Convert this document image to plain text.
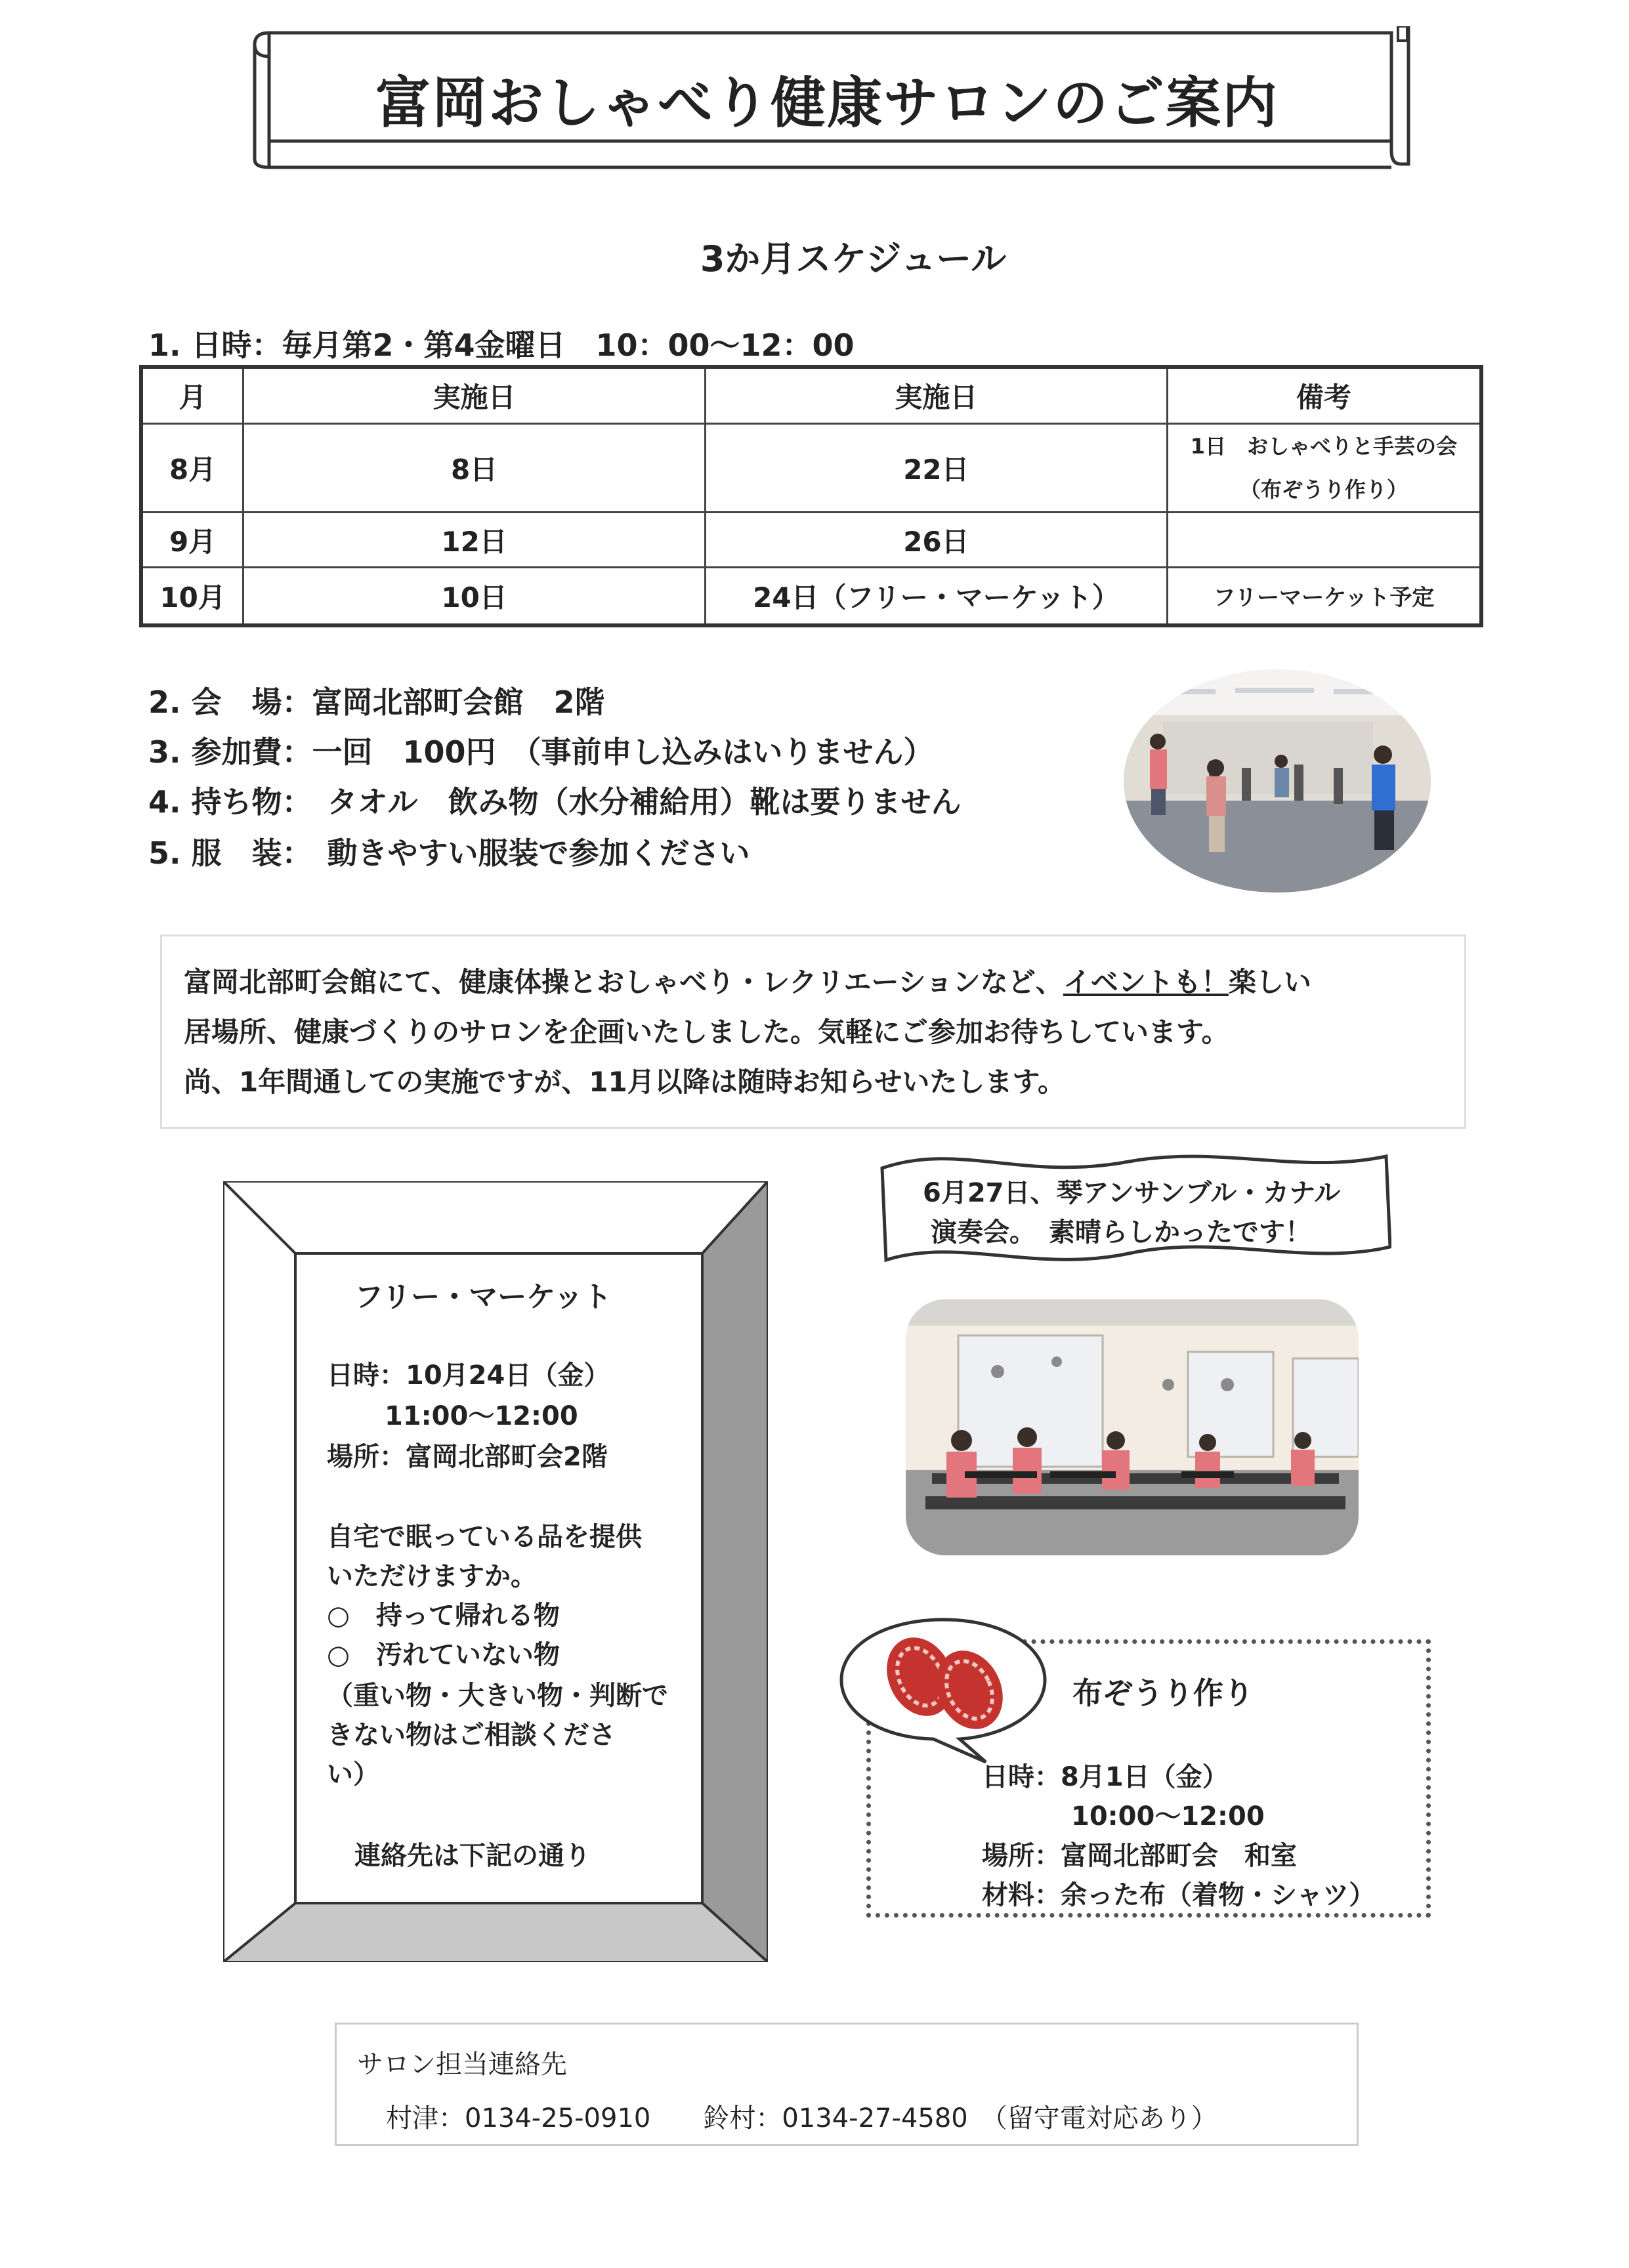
富岡おしゃべり健康サロンのご案内
3か月スケジュール
1. 日時：毎月第2・第4金曜日　10：00～12：00
月	実施日	実施日	備考
8月	8日	22日	1日　おしゃべりと手芸の会
（布ぞうり作り）

9月	12日	26日	
10月	10日	24日（フリー・マーケット）	フリーマーケット予定
2. 会　場：富岡北部町会館　2階
3. 参加費：一回　100円　（事前申し込みはいりません）
4. 持ち物：　タオル　飲み物（水分補給用）靴は要りません
5. 服　装：　動きやすい服装で参加ください
富岡北部町会館にて、健康体操とおしゃべり・レクリエーションなど、イベントも！楽しい
居場所、健康づくりのサロンを企画いたしました。気軽にご参加お待ちしています。
尚、1年間通しての実施ですが、11月以降は随時お知らせいたします。
フリー・マーケット
日時：10月24日（金）
11:00～12:00
場所：富岡北部町会2階
自宅で眠っている品を提供
いただけますか。
○　持って帰れる物
○　汚れていない物
（重い物・大きい物・判断で
きない物はご相談くださ
い）
連絡先は下記の通り
6月27日、琴アンサンブル・カナル
演奏会。　素晴らしかったです！
布ぞうり作り
日時：8月1日（金）
10:00～12:00
場所：富岡北部町会　和室
材料：余った布（着物・シャツ）
サロン担当連絡先
村津：0134-25-0910　　鈴村：0134-27-4580　（留守電対応あり）
